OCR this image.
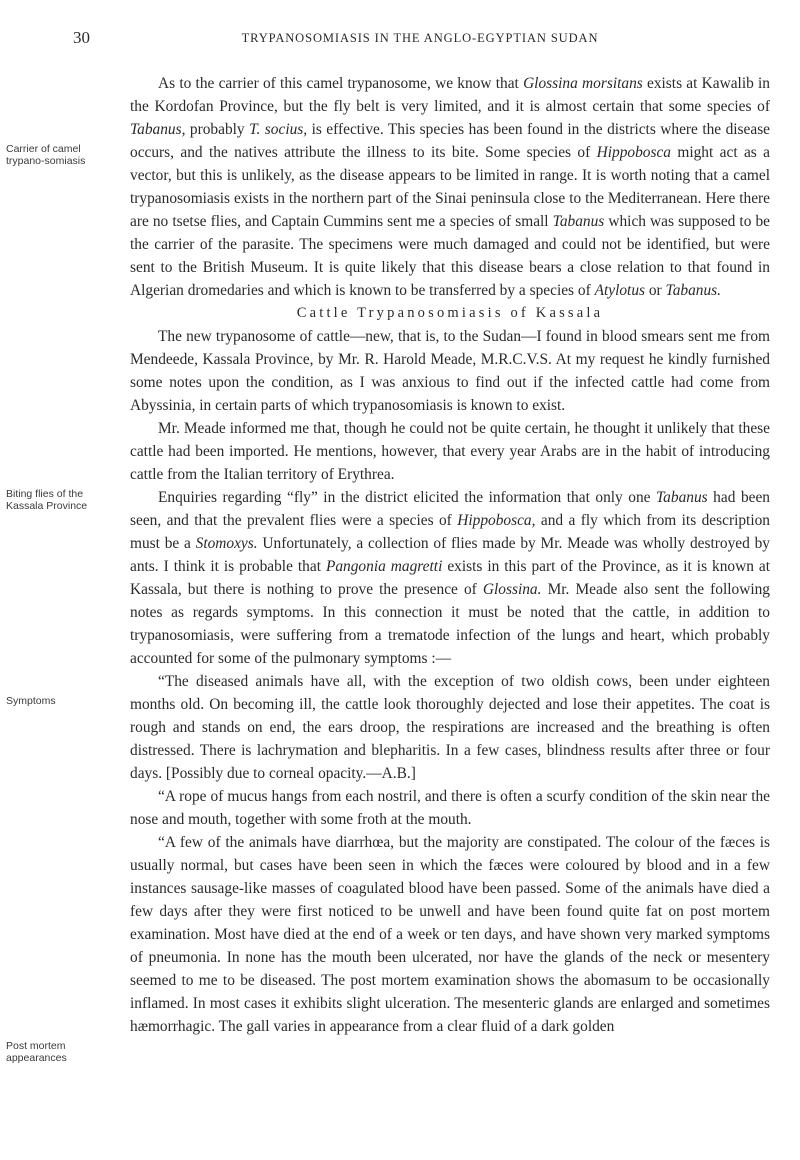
30	TRYPANOSOMIASIS IN THE ANGLO-EGYPTIAN SUDAN
Carrier of camel trypano-somiasis
Biting flies of the Kassala Province
Symptoms
Post mortem appearances

As to the carrier of this camel trypanosome, we know that Glossina morsitans exists at Kawalib in the Kordofan Province, but the fly belt is very limited, and it is almost certain that some species of Tabanus, probably T. socius, is effective. This species has been found in the districts where the disease occurs, and the natives attribute the illness to its bite. Some species of Hippobosca might act as a vector, but this is unlikely, as the disease appears to be limited in range. It is worth noting that a camel trypanosomiasis exists in the northern part of the Sinai peninsula close to the Mediterranean. Here there are no tsetse flies, and Captain Cummins sent me a species of small Tabanus which was supposed to be the carrier of the parasite. The specimens were much damaged and could not be identified, but were sent to the British Museum. It is quite likely that this disease bears a close relation to that found in Algerian dromedaries and which is known to be transferred by a species of Atylotus or Tabanus.

Cattle Trypanosomiasis of Kassala

The new trypanosome of cattle—new, that is, to the Sudan—I found in blood smears sent me from Mendeede, Kassala Province, by Mr. R. Harold Meade, M.R.C.V.S. At my request he kindly furnished some notes upon the condition, as I was anxious to find out if the infected cattle had come from Abyssinia, in certain parts of which trypanosomiasis is known to exist.

Mr. Meade informed me that, though he could not be quite certain, he thought it unlikely that these cattle had been imported. He mentions, however, that every year Arabs are in the habit of introducing cattle from the Italian territory of Erythrea.

Enquiries regarding “fly” in the district elicited the information that only one Tabanus had been seen, and that the prevalent flies were a species of Hippobosca, and a fly which from its description must be a Stomoxys. Unfortunately, a collection of flies made by Mr. Meade was wholly destroyed by ants. I think it is probable that Pangonia magretti exists in this part of the Province, as it is known at Kassala, but there is nothing to prove the presence of Glossina. Mr. Meade also sent the following notes as regards symptoms. In this connection it must be noted that the cattle, in addition to trypanosomiasis, were suffering from a trematode infection of the lungs and heart, which probably accounted for some of the pulmonary symptoms :—

“The diseased animals have all, with the exception of two oldish cows, been under eighteen months old. On becoming ill, the cattle look thoroughly dejected and lose their appetites. The coat is rough and stands on end, the ears droop, the respirations are increased and the breathing is often distressed. There is lachrymation and blepharitis. In a few cases, blindness results after three or four days. [Possibly due to corneal opacity.—A.B.]

“A rope of mucus hangs from each nostril, and there is often a scurfy condition of the skin near the nose and mouth, together with some froth at the mouth.

“A few of the animals have diarrhœa, but the majority are constipated. The colour of the fæces is usually normal, but cases have been seen in which the fæces were coloured by blood and in a few instances sausage-like masses of coagulated blood have been passed. Some of the animals have died a few days after they were first noticed to be unwell and have been found quite fat on post mortem examination. Most have died at the end of a week or ten days, and have shown very marked symptoms of pneumonia. In none has the mouth been ulcerated, nor have the glands of the neck or mesentery seemed to me to be diseased. The post mortem examination shows the abomasum to be occasionally inflamed. In most cases it exhibits slight ulceration. The mesenteric glands are enlarged and sometimes hæmorrhagic. The gall varies in appearance from a clear fluid of a dark golden
